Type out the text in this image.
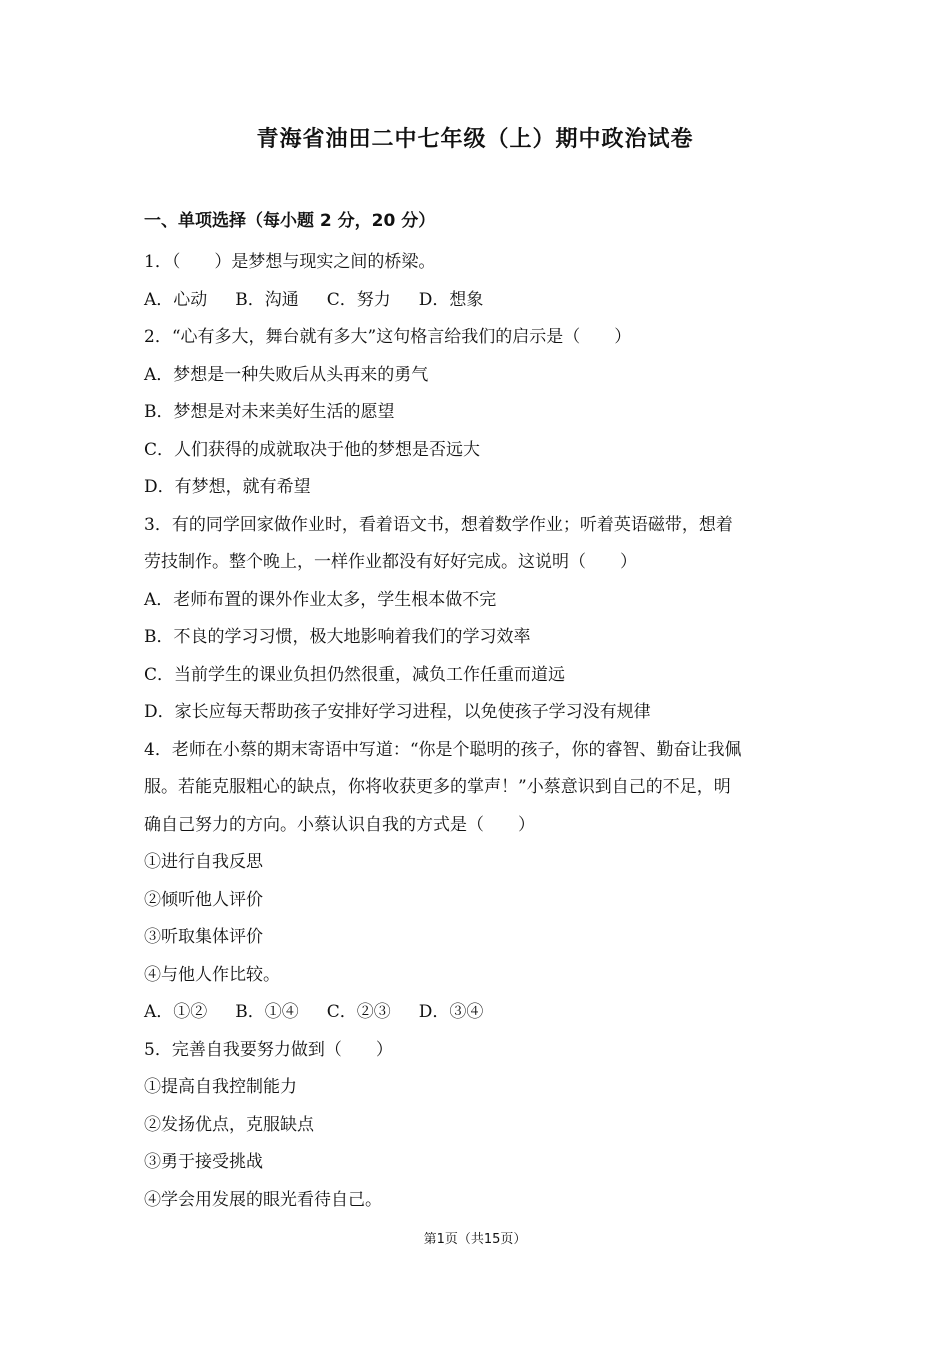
青海省油田二中七年级（上）期中政治试卷
一、单项选择（每小题 2 分，20 分）
1．（　　）是梦想与现实之间的桥梁。
A．心动 B．沟通 C．努力 D．想象
2．“心有多大，舞台就有多大”这句格言给我们的启示是（　　）
A．梦想是一种失败后从头再来的勇气
B．梦想是对未来美好生活的愿望
C．人们获得的成就取决于他的梦想是否远大
D．有梦想，就有希望
3．有的同学回家做作业时，看着语文书，想着数学作业；听着英语磁带，想着
劳技制作。整个晚上，一样作业都没有好好完成。这说明（　　）
A．老师布置的课外作业太多，学生根本做不完
B．不良的学习习惯，极大地影响着我们的学习效率
C．当前学生的课业负担仍然很重，减负工作任重而道远
D．家长应每天帮助孩子安排好学习进程，以免使孩子学习没有规律
4．老师在小蔡的期末寄语中写道：“你是个聪明的孩子，你的睿智、勤奋让我佩
服。若能克服粗心的缺点，你将收获更多的掌声！”小蔡意识到自己的不足，明
确自己努力的方向。小蔡认识自我的方式是（　　）
①进行自我反思
②倾听他人评价
③听取集体评价
④与他人作比较。
A．①② B．①④ C．②③ D．③④
5．完善自我要努力做到（　　）
①提高自我控制能力
②发扬优点，克服缺点
③勇于接受挑战
④学会用发展的眼光看待自己。
第1页（共15页）
